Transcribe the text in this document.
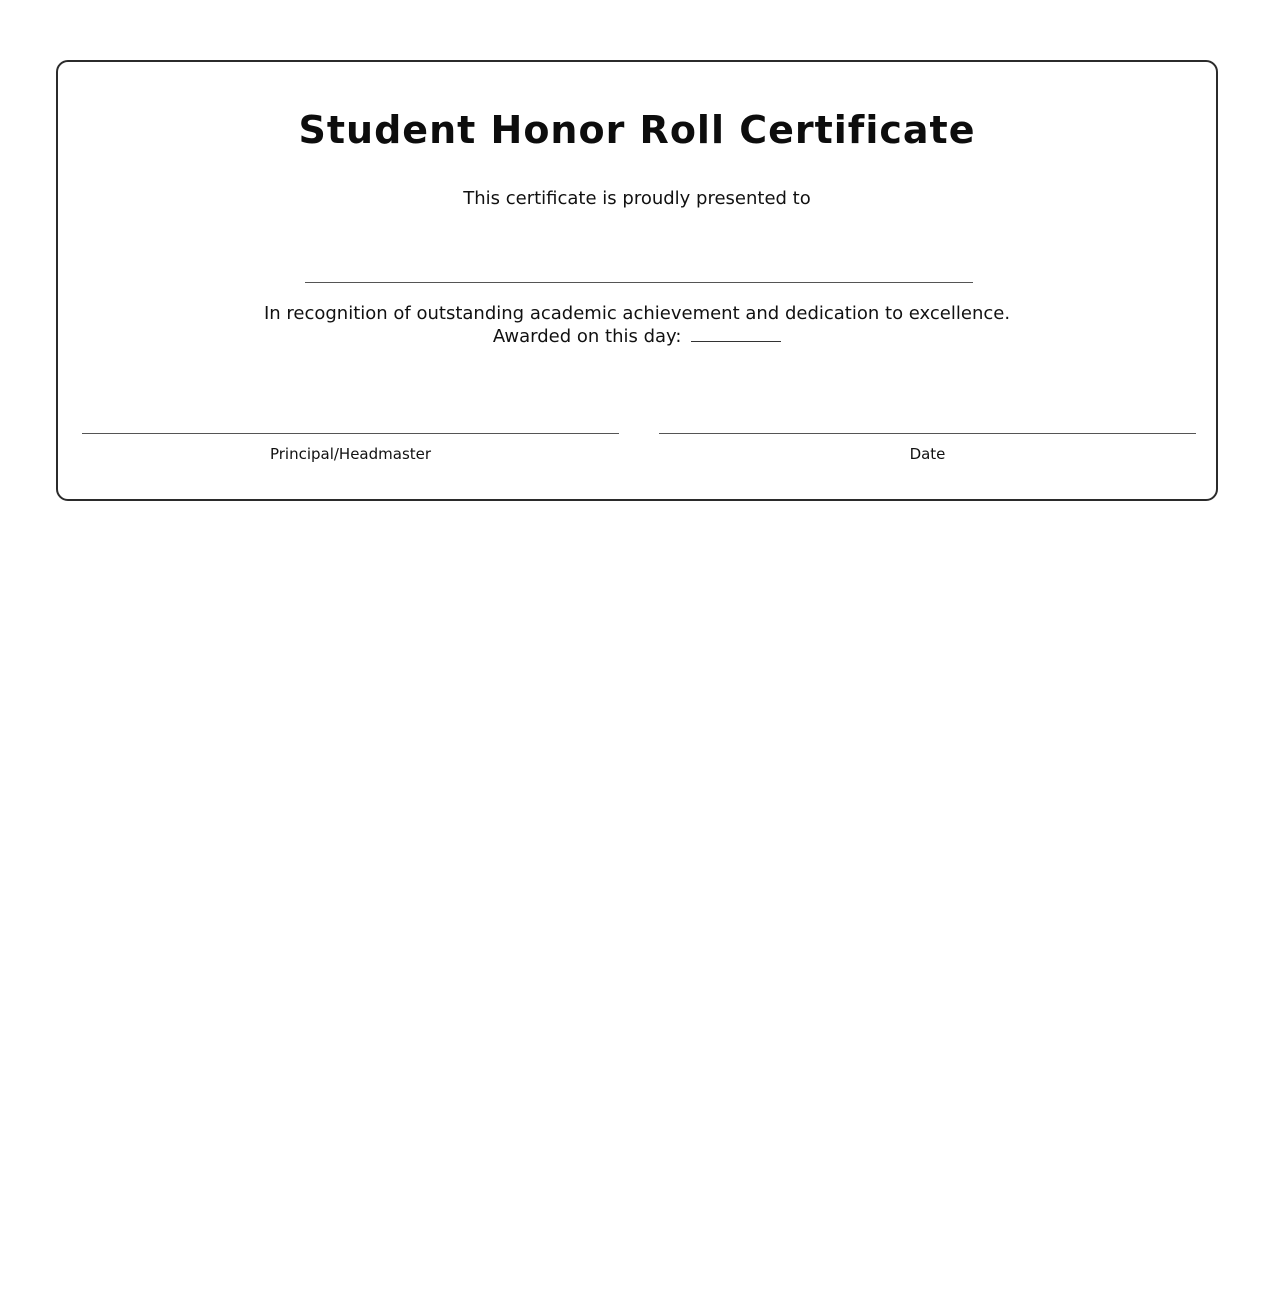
Student Honor Roll Certificate
This certificate is proudly presented to
In recognition of outstanding academic achievement and dedication to excellence.
Awarded on this day:
Principal/Headmaster	Date
